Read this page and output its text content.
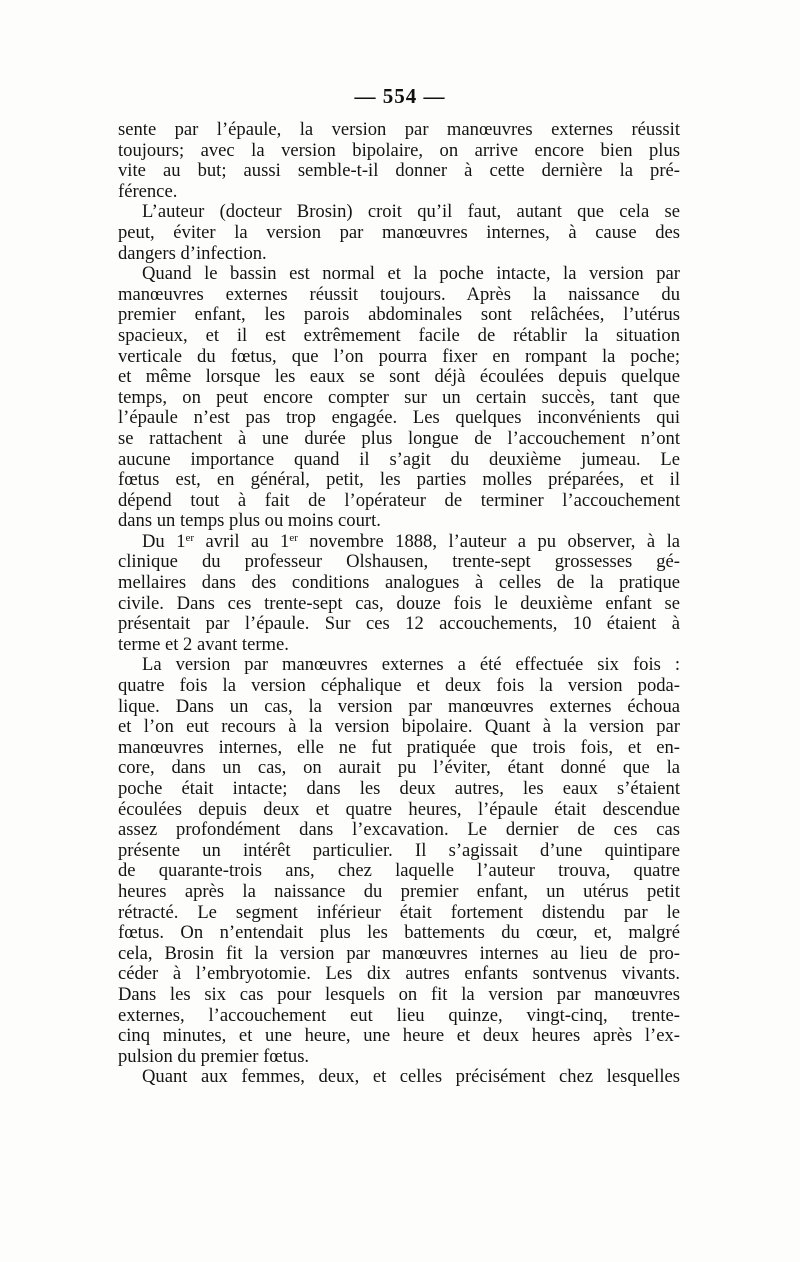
— 554 —
sente par l’épaule, la version par manœuvres externes réussit
toujours; avec la version bipolaire, on arrive encore bien plus
vite au but; aussi semble-t-il donner à cette dernière la pré-
férence.
L’auteur (docteur Brosin) croit qu’il faut, autant que cela se
peut, éviter la version par manœuvres internes, à cause des
dangers d’infection.
Quand le bassin est normal et la poche intacte, la version par
manœuvres externes réussit toujours. Après la naissance du
premier enfant, les parois abdominales sont relâchées, l’utérus
spacieux, et il est extrêmement facile de rétablir la situation
verticale du fœtus, que l’on pourra fixer en rompant la poche;
et même lorsque les eaux se sont déjà écoulées depuis quelque
temps, on peut encore compter sur un certain succès, tant que
l’épaule n’est pas trop engagée. Les quelques inconvénients qui
se rattachent à une durée plus longue de l’accouchement n’ont
aucune importance quand il s’agit du deuxième jumeau. Le
fœtus est, en général, petit, les parties molles préparées, et il
dépend tout à fait de l’opérateur de terminer l’accouchement
dans un temps plus ou moins court.
Du 1er avril au 1er novembre 1888, l’auteur a pu observer, à la
clinique du professeur Olshausen, trente-sept grossesses gé-
mellaires dans des conditions analogues à celles de la pratique
civile. Dans ces trente-sept cas, douze fois le deuxième enfant se
présentait par l’épaule. Sur ces 12 accouchements, 10 étaient à
terme et 2 avant terme.
La version par manœuvres externes a été effectuée six fois :
quatre fois la version céphalique et deux fois la version poda-
lique. Dans un cas, la version par manœuvres externes échoua
et l’on eut recours à la version bipolaire. Quant à la version par
manœuvres internes, elle ne fut pratiquée que trois fois, et en-
core, dans un cas, on aurait pu l’éviter, étant donné que la
poche était intacte; dans les deux autres, les eaux s’étaient
écoulées depuis deux et quatre heures, l’épaule était descendue
assez profondément dans l’excavation. Le dernier de ces cas
présente un intérêt particulier. Il s’agissait d’une quintipare
de quarante-trois ans, chez laquelle l’auteur trouva, quatre
heures après la naissance du premier enfant, un utérus petit
rétracté. Le segment inférieur était fortement distendu par le
fœtus. On n’entendait plus les battements du cœur, et, malgré
cela, Brosin fit la version par manœuvres internes au lieu de pro-
céder à l’embryotomie. Les dix autres enfants sontvenus vivants.
Dans les six cas pour lesquels on fit la version par manœuvres
externes, l’accouchement eut lieu quinze, vingt-cinq, trente-
cinq minutes, et une heure, une heure et deux heures après l’ex-
pulsion du premier fœtus.
Quant aux femmes, deux, et celles précisément chez lesquelles
